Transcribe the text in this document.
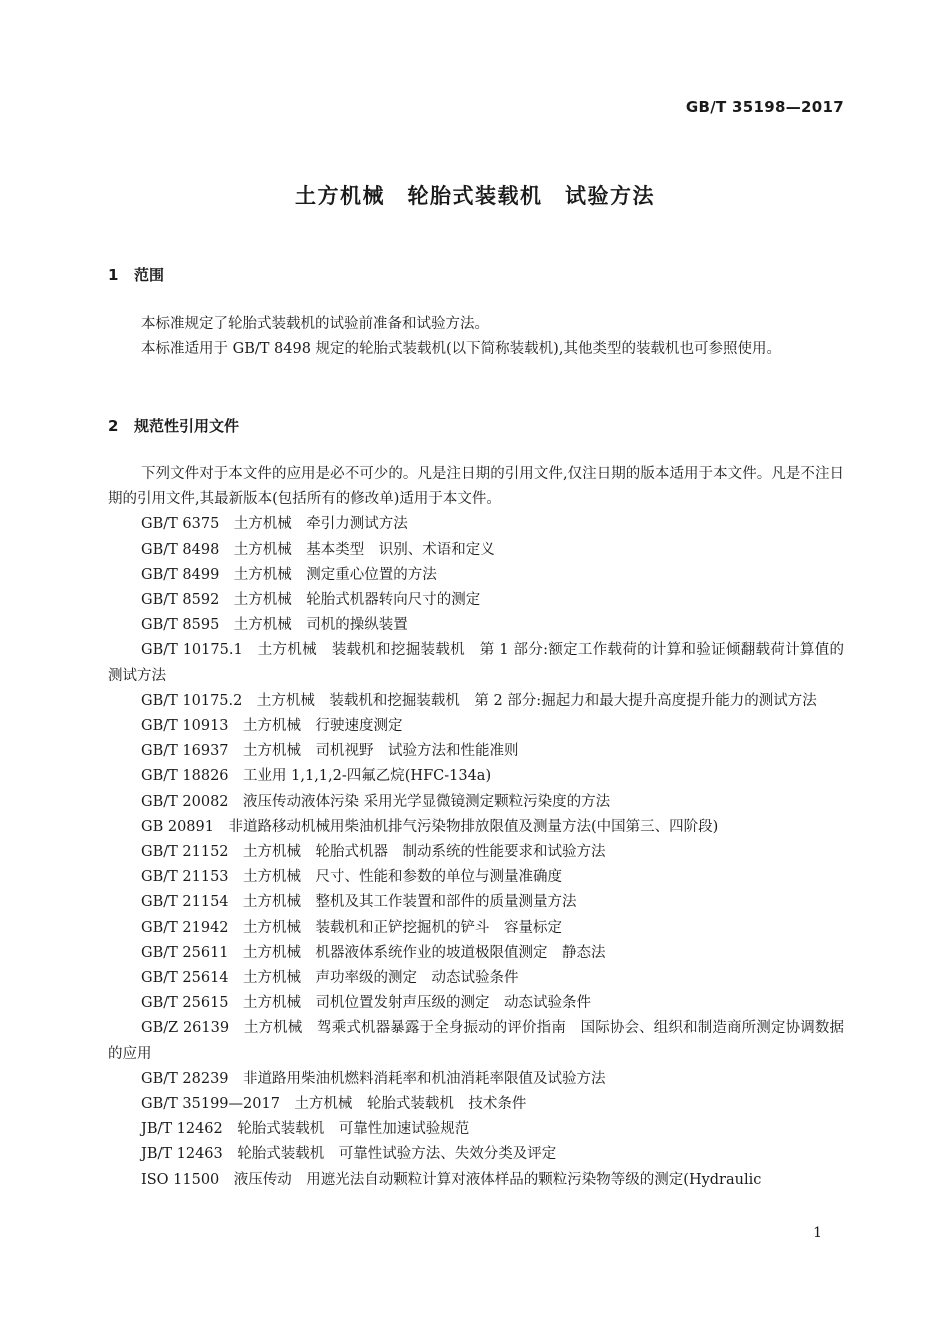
GB/T 35198—2017
土方机械　轮胎式装载机　试验方法
1 范围

本标准规定了轮胎式装载机的试验前准备和试验方法。

本标准适用于 GB/T 8498 规定的轮胎式装载机(以下简称装载机),其他类型的装载机也可参照使用。

2 规范性引用文件

下列文件对于本文件的应用是必不可少的。凡是注日期的引用文件,仅注日期的版本适用于本文件。凡是不注日期的引用文件,其最新版本(包括所有的修改单)适用于本文件。

GB/T 6375　土方机械　牵引力测试方法

GB/T 8498　土方机械　基本类型　识别、术语和定义

GB/T 8499　土方机械　测定重心位置的方法

GB/T 8592　土方机械　轮胎式机器转向尺寸的测定

GB/T 8595　土方机械　司机的操纵装置

GB/T 10175.1　土方机械　装载机和挖掘装载机　第 1 部分:额定工作载荷的计算和验证倾翻载荷计算值的测试方法

GB/T 10175.2　土方机械　装载机和挖掘装载机　第 2 部分:掘起力和最大提升高度提升能力的测试方法

GB/T 10913　土方机械　行驶速度测定

GB/T 16937　土方机械　司机视野　试验方法和性能准则

GB/T 18826　工业用 1,1,1,2-四氟乙烷(HFC-134a)

GB/T 20082　液压传动液体污染 采用光学显微镜测定颗粒污染度的方法

GB 20891　非道路移动机械用柴油机排气污染物排放限值及测量方法(中国第三、四阶段)

GB/T 21152　土方机械　轮胎式机器　制动系统的性能要求和试验方法

GB/T 21153　土方机械　尺寸、性能和参数的单位与测量准确度

GB/T 21154　土方机械　整机及其工作装置和部件的质量测量方法

GB/T 21942　土方机械　装载机和正铲挖掘机的铲斗　容量标定

GB/T 25611　土方机械　机器液体系统作业的坡道极限值测定　静态法

GB/T 25614　土方机械　声功率级的测定　动态试验条件

GB/T 25615　土方机械　司机位置发射声压级的测定　动态试验条件

GB/Z 26139　土方机械　驾乘式机器暴露于全身振动的评价指南　国际协会、组织和制造商所测定协调数据的应用

GB/T 28239　非道路用柴油机燃料消耗率和机油消耗率限值及试验方法

GB/T 35199—2017　土方机械　轮胎式装载机　技术条件

JB/T 12462　轮胎式装载机　可靠性加速试验规范

JB/T 12463　轮胎式装载机　可靠性试验方法、失效分类及评定

ISO 11500　液压传动　用遮光法自动颗粒计算对液体样品的颗粒污染物等级的测定(Hydraulic

1
